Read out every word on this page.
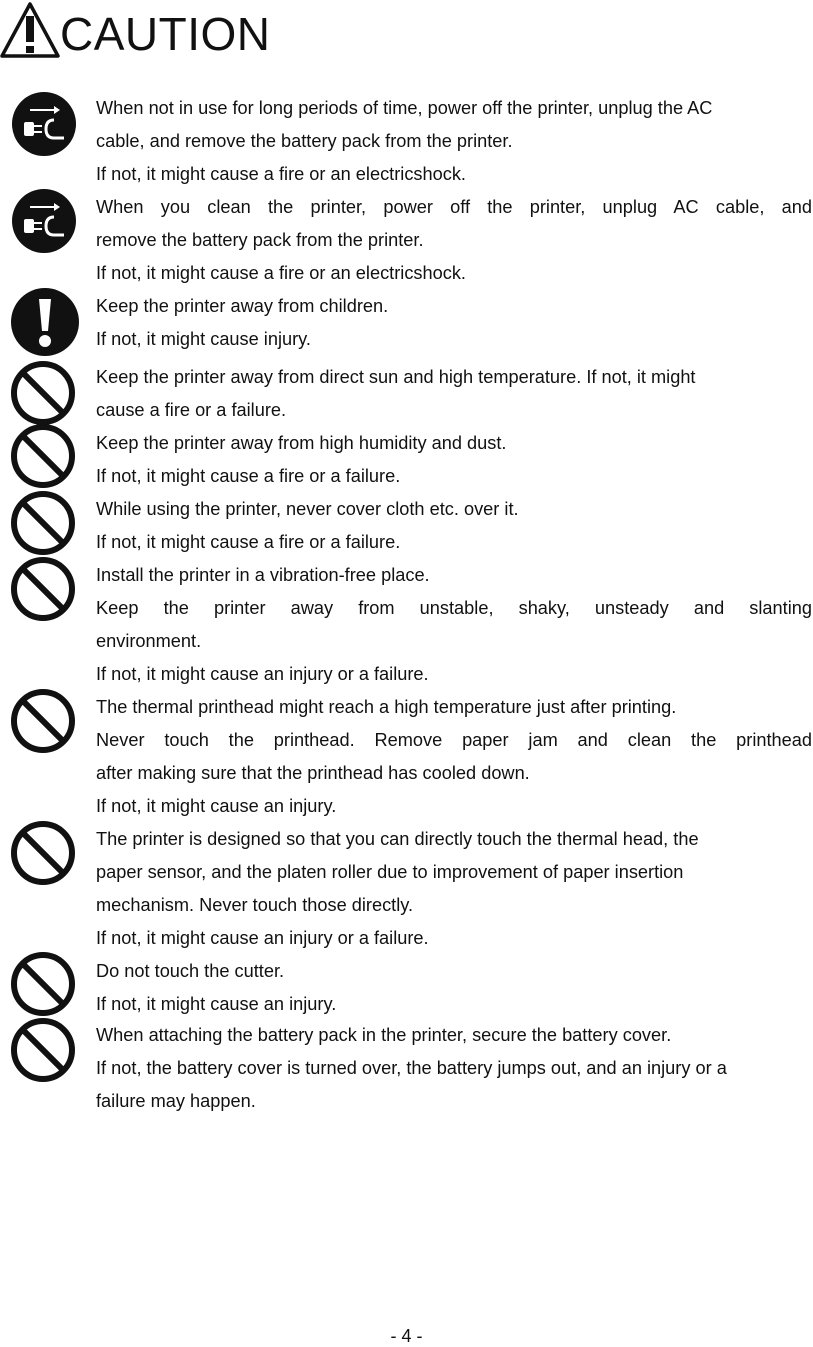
CAUTION
When not in use for long periods of time, power off the printer, unplug the AC
cable, and remove the battery pack from the printer.
If not, it might cause a fire or an electricshock.
When you clean the printer, power off the printer, unplug AC cable, and
remove the battery pack from the printer.
If not, it might cause a fire or an electricshock.
Keep the printer away from children.
If not, it might cause injury.
Keep the printer away from direct sun and high temperature. If not, it might
cause a fire or a failure.
Keep the printer away from high humidity and dust.
If not, it might cause a fire or a failure.
While using the printer, never cover cloth etc. over it.
If not, it might cause a fire or a failure.
Install the printer in a vibration-free place.
Keep the printer away from unstable, shaky, unsteady and slanting
environment.
If not, it might cause an injury or a failure.
The thermal printhead might reach a high temperature just after printing.
Never touch the printhead. Remove paper jam and clean the printhead
after making sure that the printhead has cooled down.
If not, it might cause an injury.
The printer is designed so that you can directly touch the thermal head, the
paper sensor, and the platen roller due to improvement of paper insertion
mechanism. Never touch those directly.
If not, it might cause an injury or a failure.
Do not touch the cutter.
If not, it might cause an injury.
When attaching the battery pack in the printer, secure the battery cover.
If not, the battery cover is turned over, the battery jumps out, and an injury or a
failure may happen.
- 4 -
